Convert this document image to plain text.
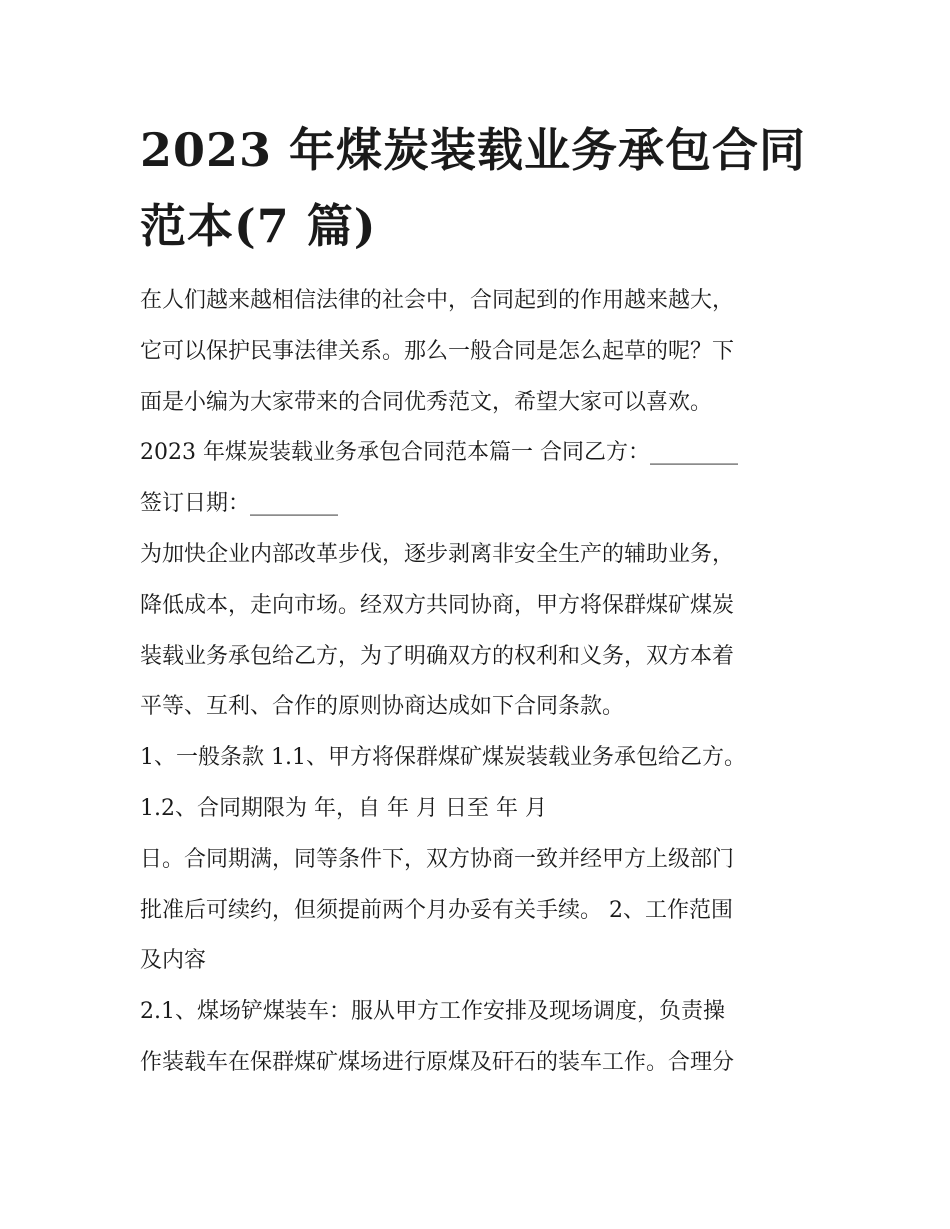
2023 年煤炭装载业务承包合同
范本(7 篇)
在人们越来越相信法律的社会中，合同起到的作用越来越大，
它可以保护民事法律关系。那么一般合同是怎么起草的呢？下
面是小编为大家带来的合同优秀范文，希望大家可以喜欢。
2023 年煤炭装载业务承包合同范本篇一 合同乙方：________
签订日期：________
为加快企业内部改革步伐，逐步剥离非安全生产的辅助业务，
降低成本，走向市场。经双方共同协商，甲方将保群煤矿煤炭
装载业务承包给乙方，为了明确双方的权利和义务，双方本着
平等、互利、合作的原则协商达成如下合同条款。
1、一般条款 1.1、甲方将保群煤矿煤炭装载业务承包给乙方。
1.2、合同期限为 年，自 年 月 日至 年 月
日。合同期满，同等条件下，双方协商一致并经甲方上级部门
批准后可续约，但须提前两个月办妥有关手续。 2、工作范围
及内容
2.1、煤场铲煤装车：服从甲方工作安排及现场调度，负责操
作装载车在保群煤矿煤场进行原煤及矸石的装车工作。合理分
